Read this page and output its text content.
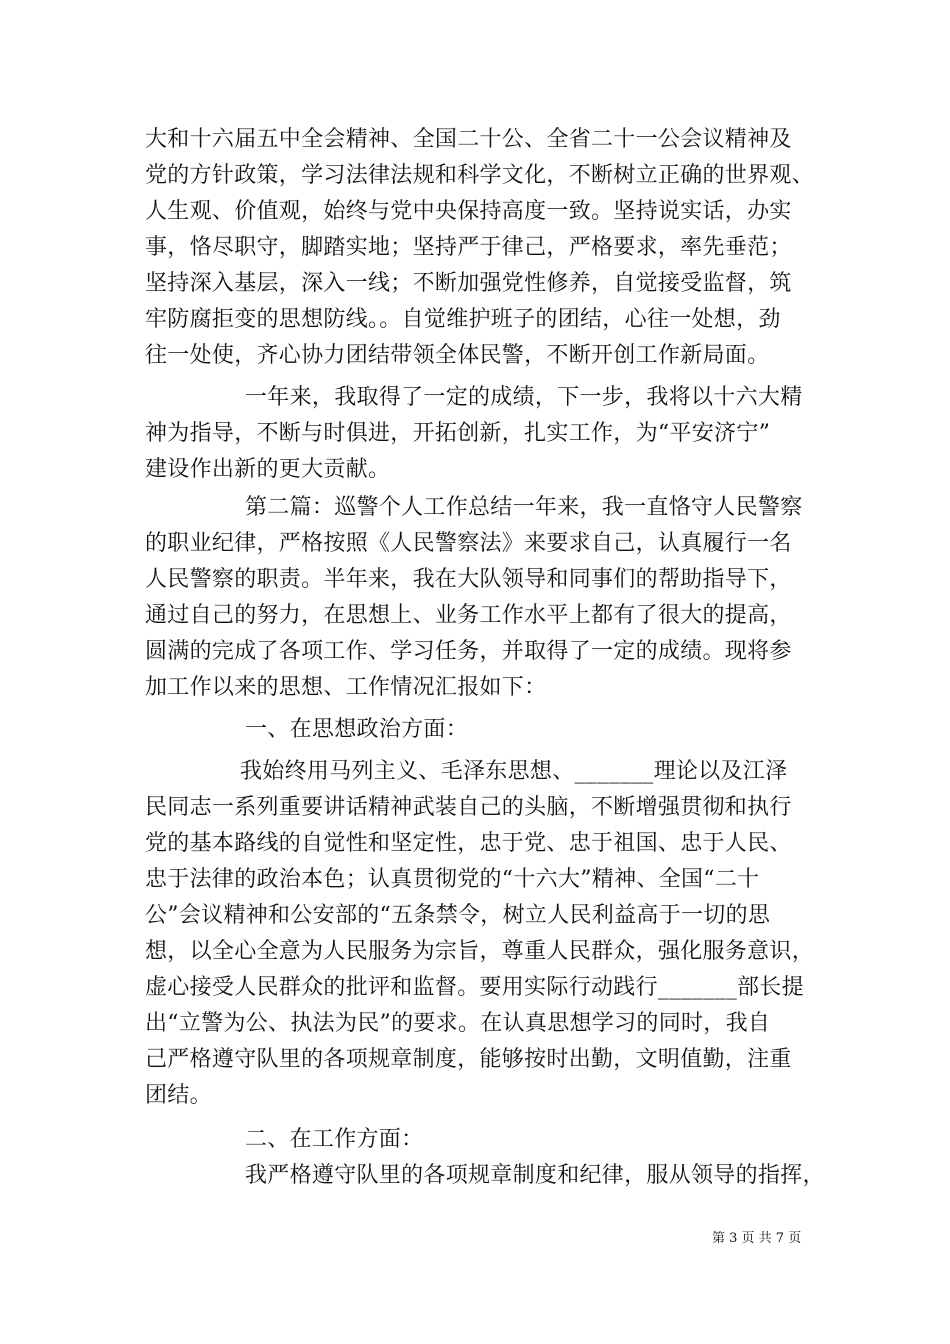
大和十六届五中全会精神、全国二十公、全省二十一公会议精神及
党的方针政策，学习法律法规和科学文化，不断树立正确的世界观、
人生观、价值观，始终与党中央保持高度一致。坚持说实话，办实
事，恪尽职守，脚踏实地；坚持严于律己，严格要求，率先垂范；
坚持深入基层，深入一线；不断加强党性修养，自觉接受监督，筑
牢防腐拒变的思想防线。。自觉维护班子的团结，心往一处想，劲
往一处使，齐心协力团结带领全体民警，不断开创工作新局面。
一年来，我取得了一定的成绩，下一步，我将以十六大精
神为指导，不断与时俱进，开拓创新，扎实工作，为“平安济宁”
建设作出新的更大贡献。
第二篇：巡警个人工作总结一年来，我一直恪守人民警察
的职业纪律，严格按照《人民警察法》来要求自己，认真履行一名
人民警察的职责。半年来，我在大队领导和同事们的帮助指导下，
通过自己的努力，在思想上、业务工作水平上都有了很大的提高，
圆满的完成了各项工作、学习任务，并取得了一定的成绩。现将参
加工作以来的思想、工作情况汇报如下：
一、在思想政治方面：
我始终用马列主义、毛泽东思想、_______理论以及江泽
民同志一系列重要讲话精神武装自己的头脑，不断增强贯彻和执行
党的基本路线的自觉性和坚定性，忠于党、忠于祖国、忠于人民、
忠于法律的政治本色；认真贯彻党的“十六大”精神、全国“二十
公”会议精神和公安部的“五条禁令，树立人民利益高于一切的思
想，以全心全意为人民服务为宗旨，尊重人民群众，强化服务意识，
虚心接受人民群众的批评和监督。要用实际行动践行_______部长提
出“立警为公、执法为民”的要求。在认真思想学习的同时，我自
己严格遵守队里的各项规章制度，能够按时出勤，文明值勤，注重
团结。
二、在工作方面：
我严格遵守队里的各项规章制度和纪律，服从领导的指挥，
第 3 页 共 7 页
